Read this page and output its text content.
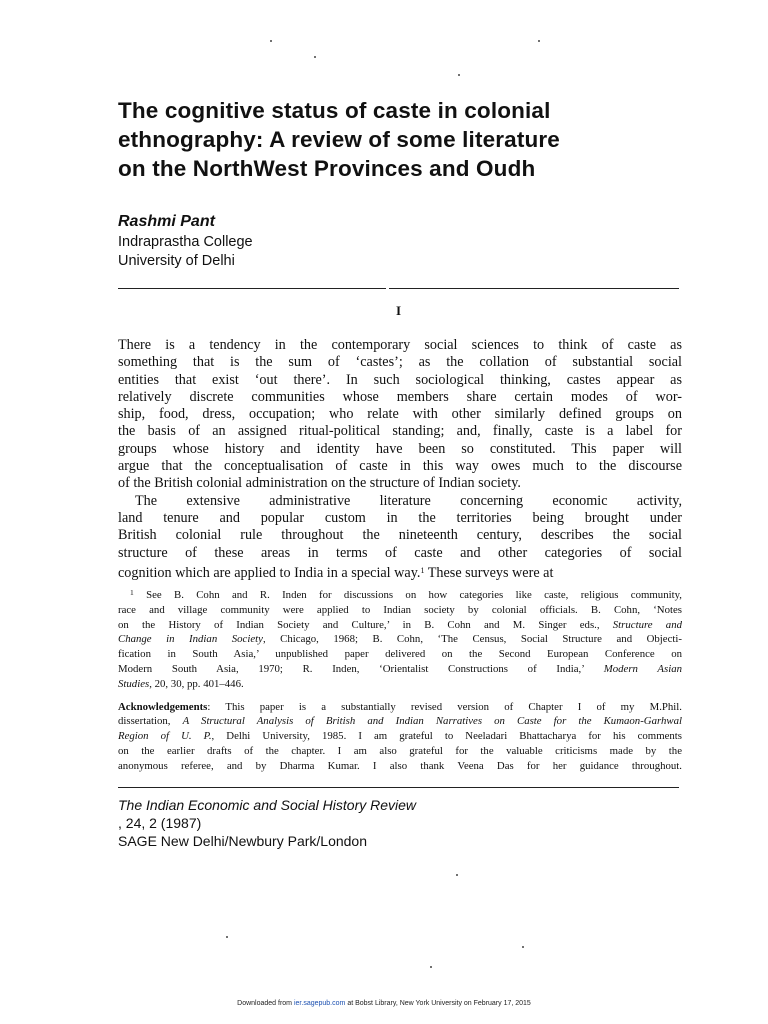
The cognitive status of caste in colonial
ethnography: A review of some literature
on the NorthWest Provinces and Oudh
Rashmi Pant
Indraprastha College
University of Delhi
I
There is a tendency in the contemporary social sciences to think of caste as
something that is the sum of ‘castes’; as the collation of substantial social
entities that exist ‘out there’. In such sociological thinking, castes appear as
relatively discrete communities whose members share certain modes of wor-
ship, food, dress, occupation; who relate with other similarly defined groups on
the basis of an assigned ritual-political standing; and, finally, caste is a label for
groups whose history and identity have been so constituted. This paper will
argue that the conceptualisation of caste in this way owes much to the discourse
of the British colonial administration on the structure of Indian society.
The extensive administrative literature concerning economic activity,
land tenure and popular custom in the territories being brought under
British colonial rule throughout the nineteenth century, describes the social
structure of these areas in terms of caste and other categories of social
cognition which are applied to India in a special way.$^1$ These surveys were at
$^1$ See B. Cohn and R. Inden for discussions on how categories like caste, religious community,
race and village community were applied to Indian society by colonial officials. B. Cohn, ‘Notes
on the History of Indian Society and Culture,’ in B. Cohn and M. Singer eds., Structure and
Change in Indian Society, Chicago, 1968; B. Cohn, ‘The Census, Social Structure and Objecti-
fication in South Asia,’ unpublished paper delivered on the Second European Conference on
Modern South Asia, 1970; R. Inden, ‘Orientalist Constructions of India,’ Modern Asian
Studies, 20, 30, pp. 401–446.
Acknowledgements: This paper is a substantially revised version of Chapter I of my M.Phil.
dissertation, A Structural Analysis of British and Indian Narratives on Caste for the Kumaon-Garhwal
Region of U. P., Delhi University, 1985. I am grateful to Neeladari Bhattacharya for his comments
on the earlier drafts of the chapter. I am also grateful for the valuable criticisms made by the
anonymous referee, and by Dharma Kumar. I also thank Veena Das for her guidance throughout.
The Indian Economic and Social History Review
, 24, 2 (1987)
SAGE New Delhi/Newbury Park/London
Downloaded from ier.sagepub.com at Bobst Library, New York University on February 17, 2015
